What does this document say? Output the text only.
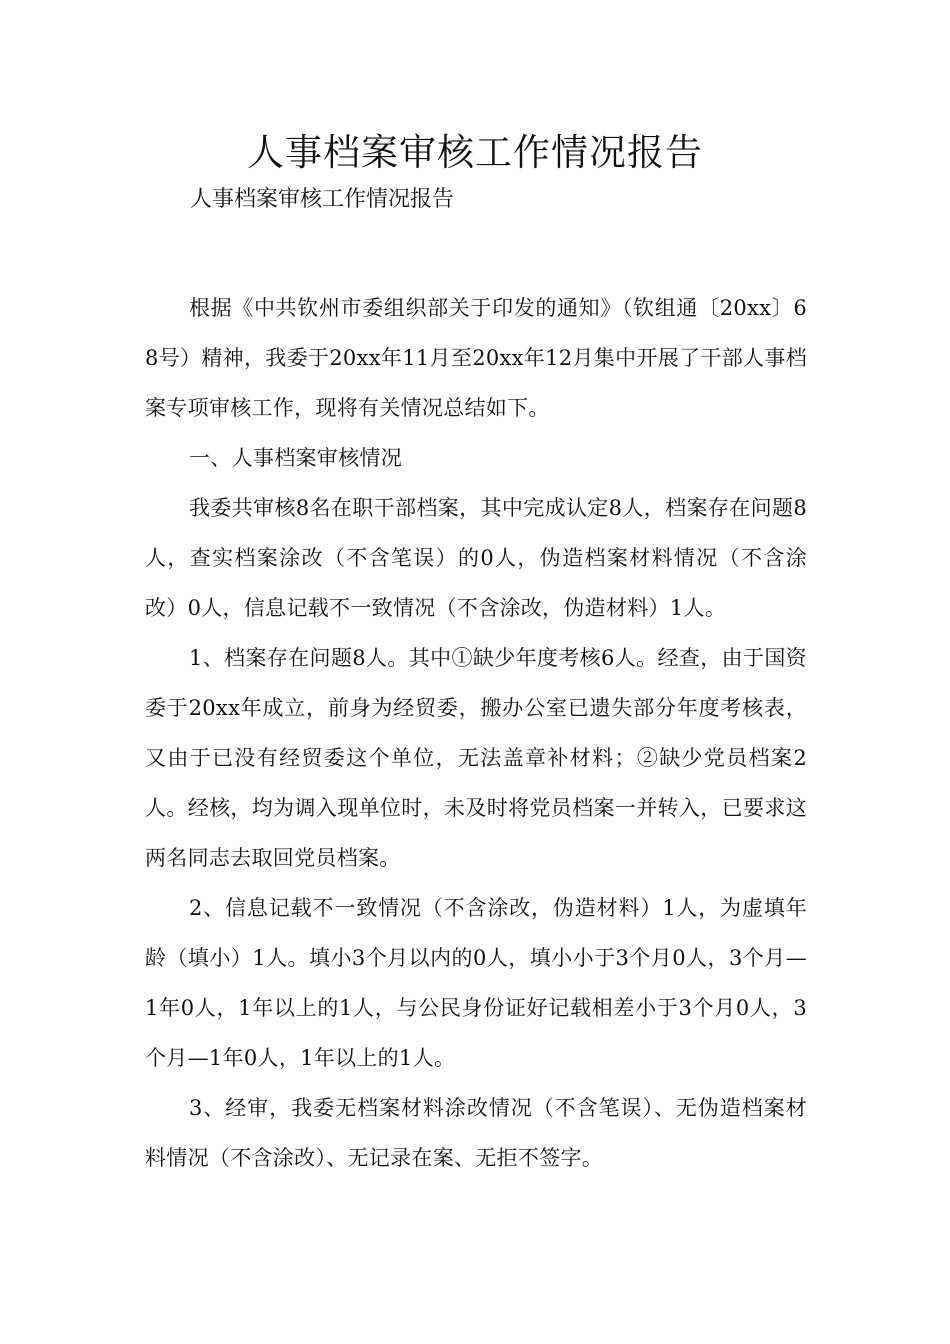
人事档案审核工作情况报告

人事档案审核工作情况报告

根据《中共钦州市委组织部关于印发的通知》（钦组通〔20xx〕68号）精神，我委于20xx年11月至20xx年12月集中开展了干部人事档案专项审核工作，现将有关情况总结如下。

一、人事档案审核情况

我委共审核8名在职干部档案，其中完成认定8人，档案存在问题8人，查实档案涂改（不含笔误）的0人，伪造档案材料情况（不含涂改）0人，信息记载不一致情况（不含涂改，伪造材料）1人。

1、档案存在问题8人。其中①缺少年度考核6人。经查，由于国资委于20xx年成立，前身为经贸委，搬办公室已遗失部分年度考核表，又由于已没有经贸委这个单位，无法盖章补材料；②缺少党员档案2人。经核，均为调入现单位时，未及时将党员档案一并转入，已要求这两名同志去取回党员档案。

2、信息记载不一致情况（不含涂改，伪造材料）1人，为虚填年龄（填小）1人。填小3个月以内的0人，填小小于3个月0人，3个月—1年0人，1年以上的1人，与公民身份证好记载相差小于3个月0人，3个月—1年0人，1年以上的1人。

3、经审，我委无档案材料涂改情况（不含笔误）、无伪造档案材料情况（不含涂改）、无记录在案、无拒不签字。
